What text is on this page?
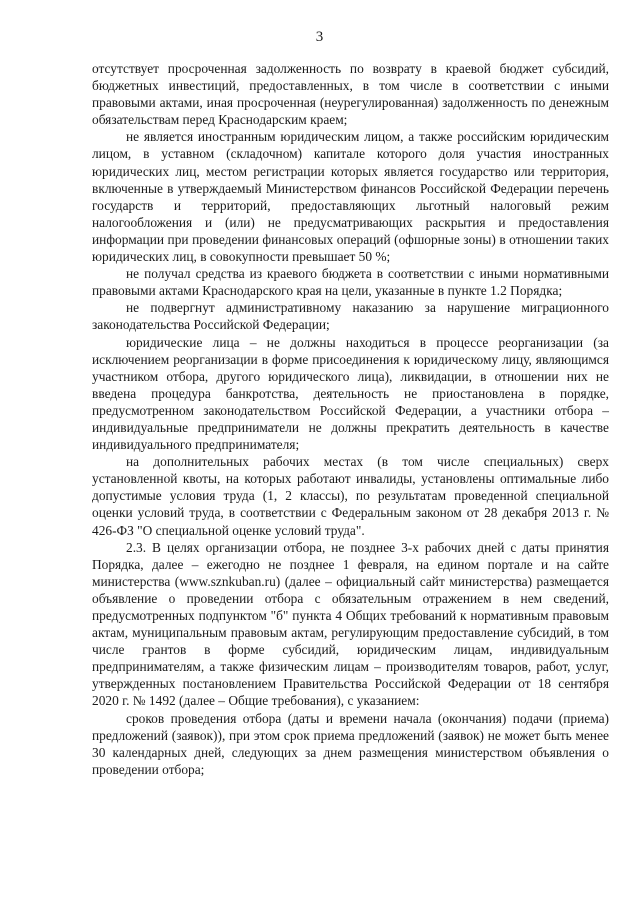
3

отсутствует просроченная задолженность по возврату в краевой бюджет субсидий, бюджетных инвестиций, предоставленных, в том числе в соответствии с иными правовыми актами, иная просроченная (неурегулированная) задолженность по денежным обязательствам перед Краснодарским краем;

не является иностранным юридическим лицом, а также российским юридическим лицом, в уставном (складочном) капитале которого доля участия иностранных юридических лиц, местом регистрации которых является государство или территория, включенные в утверждаемый Министерством финансов Российской Федерации перечень государств и территорий, предоставляющих льготный налоговый режим налогообложения и (или) не предусматривающих раскрытия и предоставления информации при проведении финансовых операций (офшорные зоны) в отношении таких юридических лиц, в совокупности превышает 50 %;

не получал средства из краевого бюджета в соответствии с иными нормативными правовыми актами Краснодарского края на цели, указанные в пункте 1.2 Порядка;

не подвергнут административному наказанию за нарушение миграционного законодательства Российской Федерации;

юридические лица – не должны находиться в процессе реорганизации (за исключением реорганизации в форме присоединения к юридическому лицу, являющимся участником отбора, другого юридического лица), ликвидации, в отношении них не введена процедура банкротства, деятельность не приостановлена в порядке, предусмотренном законодательством Российской Федерации, а участники отбора – индивидуальные предприниматели не должны прекратить деятельность в качестве индивидуального предпринимателя;

на дополнительных рабочих местах (в том числе специальных) сверх установленной квоты, на которых работают инвалиды, установлены оптимальные либо допустимые условия труда (1, 2 классы), по результатам проведенной специальной оценки условий труда, в соответствии с Федеральным законом от 28 декабря 2013 г. № 426-ФЗ "О специальной оценке условий труда".

2.3. В целях организации отбора, не позднее 3-х рабочих дней с даты принятия Порядка, далее – ежегодно не позднее 1 февраля, на едином портале и на сайте министерства (www.sznkuban.ru) (далее – официальный сайт министерства) размещается объявление о проведении отбора с обязательным отражением в нем сведений, предусмотренных подпунктом "б" пункта 4 Общих требований к нормативным правовым актам, муниципальным правовым актам, регулирующим предоставление субсидий, в том числе грантов в форме субсидий, юридическим лицам, индивидуальным предпринимателям, а также физическим лицам – производителям товаров, работ, услуг, утвержденных постановлением Правительства Российской Федерации от 18 сентября 2020 г. № 1492 (далее – Общие требования), с указанием:

сроков проведения отбора (даты и времени начала (окончания) подачи (приема) предложений (заявок)), при этом срок приема предложений (заявок) не может быть менее 30 календарных дней, следующих за днем размещения министерством объявления о проведении отбора;
